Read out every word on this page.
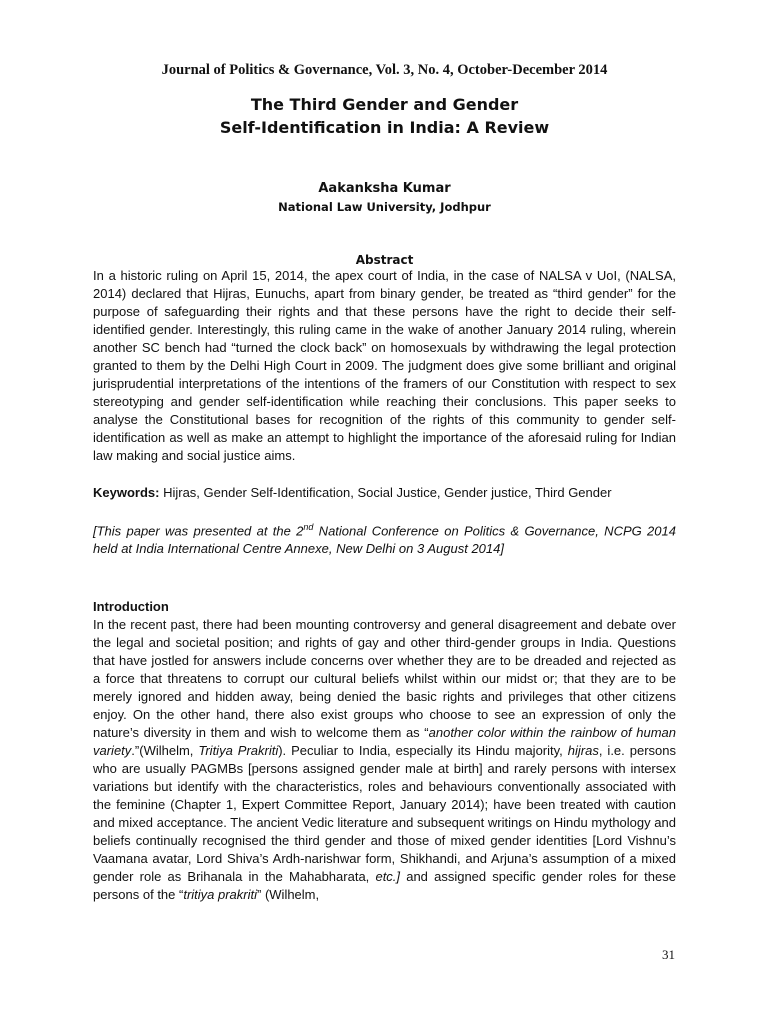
Journal of Politics & Governance, Vol. 3, No. 4, October-December 2014

The Third Gender and Gender
Self-Identification in India: A Review

Aakanksha Kumar

National Law University, Jodhpur

Abstract

In a historic ruling on April 15, 2014, the apex court of India, in the case of NALSA v UoI, (NALSA, 2014) declared that Hijras, Eunuchs, apart from binary gender, be treated as “third gender” for the purpose of safeguarding their rights and that these persons have the right to decide their self-identified gender. Interestingly, this ruling came in the wake of another January 2014 ruling, wherein another SC bench had “turned the clock back” on homosexuals by withdrawing the legal protection granted to them by the Delhi High Court in 2009. The judgment does give some brilliant and original jurisprudential interpretations of the intentions of the framers of our Constitution with respect to sex stereotyping and gender self-identification while reaching their conclusions. This paper seeks to analyse the Constitutional bases for recognition of the rights of this community to gender self-identification as well as make an attempt to highlight the importance of the aforesaid ruling for Indian law making and social justice aims.

Keywords: Hijras, Gender Self-Identification, Social Justice, Gender justice, Third Gender

[This paper was presented at the 2nd National Conference on Politics & Governance, NCPG 2014 held at India International Centre Annexe, New Delhi on 3 August 2014]

Introduction

In the recent past, there had been mounting controversy and general disagreement and debate over the legal and societal position; and rights of gay and other third-gender groups in India. Questions that have jostled for answers include concerns over whether they are to be dreaded and rejected as a force that threatens to corrupt our cultural beliefs whilst within our midst or; that they are to be merely ignored and hidden away, being denied the basic rights and privileges that other citizens enjoy. On the other hand, there also exist groups who choose to see an expression of only the nature’s diversity in them and wish to welcome them as “another color within the rainbow of human variety.”(Wilhelm, Tritiya Prakriti). Peculiar to India, especially its Hindu majority, hijras, i.e. persons who are usually PAGMBs [persons assigned gender male at birth] and rarely persons with intersex variations but identify with the characteristics, roles and behaviours conventionally associated with the feminine (Chapter 1, Expert Committee Report, January 2014); have been treated with caution and mixed acceptance. The ancient Vedic literature and subsequent writings on Hindu mythology and beliefs continually recognised the third gender and those of mixed gender identities [Lord Vishnu’s Vaamana avatar, Lord Shiva’s Ardh-narishwar form, Shikhandi, and Arjuna’s assumption of a mixed gender role as Brihanala in the Mahabharata, etc.] and assigned specific gender roles for these persons of the “tritiya prakriti” (Wilhelm,

31
